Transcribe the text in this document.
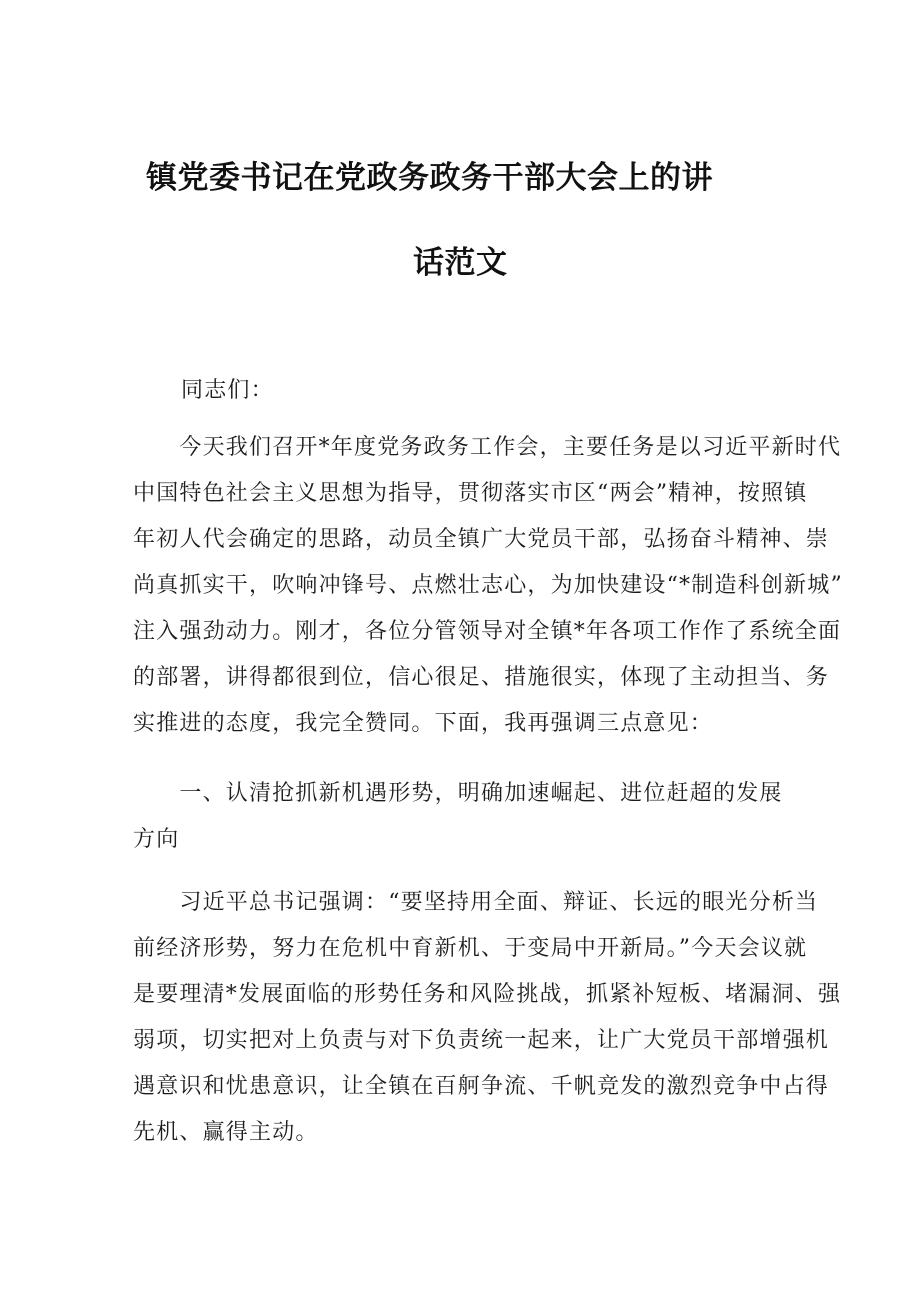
镇党委书记在党政务政务干部大会上的讲
话范文
同志们：
　　今天我们召开*年度党务政务工作会，主要任务是以习近平新时代
中国特色社会主义思想为指导，贯彻落实市区“两会”精神，按照镇
年初人代会确定的思路，动员全镇广大党员干部，弘扬奋斗精神、崇
尚真抓实干，吹响冲锋号、点燃壮志心，为加快建设“*制造科创新城”
注入强劲动力。刚才，各位分管领导对全镇*年各项工作作了系统全面
的部署，讲得都很到位，信心很足、措施很实，体现了主动担当、务
实推进的态度，我完全赞同。下面，我再强调三点意见：
　　一、认清抢抓新机遇形势，明确加速崛起、进位赶超的发展
方向
　　习近平总书记强调：“要坚持用全面、辩证、长远的眼光分析当
前经济形势，努力在危机中育新机、于变局中开新局。”今天会议就
是要理清*发展面临的形势任务和风险挑战，抓紧补短板、堵漏洞、强
弱项，切实把对上负责与对下负责统一起来，让广大党员干部增强机
遇意识和忧患意识，让全镇在百舸争流、千帆竞发的激烈竞争中占得
先机、赢得主动。
